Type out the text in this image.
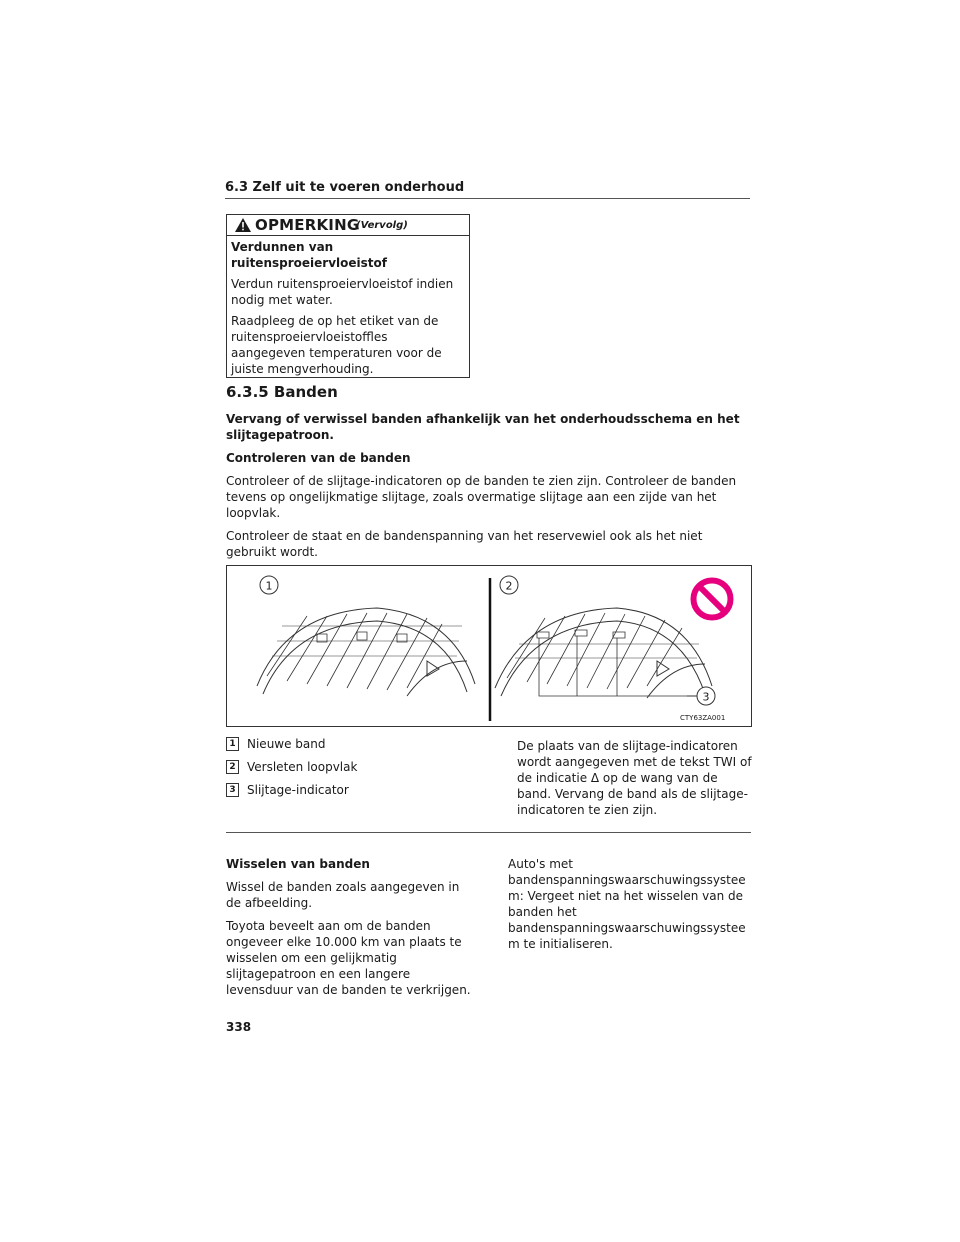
6.3 Zelf uit te voeren onderhoud
OPMERKING
(Vervolg)

Verdunnen van ruitensproeiervloeistof

Verdun ruitensproeiervloeistof indien nodig met water.

Raadpleeg de op het etiket van de ruitensproeiervloeistoffles aangegeven temperaturen voor de juiste mengverhouding.

6.3.5 Banden

Vervang of verwissel banden afhankelijk van het onderhoudsschema en het slijtagepatroon.

Controleren van de banden

Controleer of de slijtage-indicatoren op de banden te zien zijn. Controleer de banden tevens op ongelijkmatige slijtage, zoals overmatige slijtage aan een zijde van het loopvlak.

Controleer de staat en de bandenspanning van het reservewiel ook als het niet gebruikt wordt.

1	2
3
CTY63ZA001
1 Nieuwe band
2 Versleten loopvlak
3 Slijtage-indicator
De plaats van de slijtage-indicatoren wordt aangegeven met de tekst TWI of de indicatie Δ op de wang van de band. Vervang de band als de slijtage-indicatoren te zien zijn.

Wisselen van banden

Wissel de banden zoals aangegeven in de afbeelding.

Toyota beveelt aan om de banden ongeveer elke 10.000 km van plaats te wisselen om een gelijkmatig slijtagepatroon en een langere levensduur van de banden te verkrijgen.

Auto's met bandenspanningswaarschuwingssysteem: Vergeet niet na het wisselen van de banden het bandenspanningswaarschuwingssysteem te initialiseren.

338
